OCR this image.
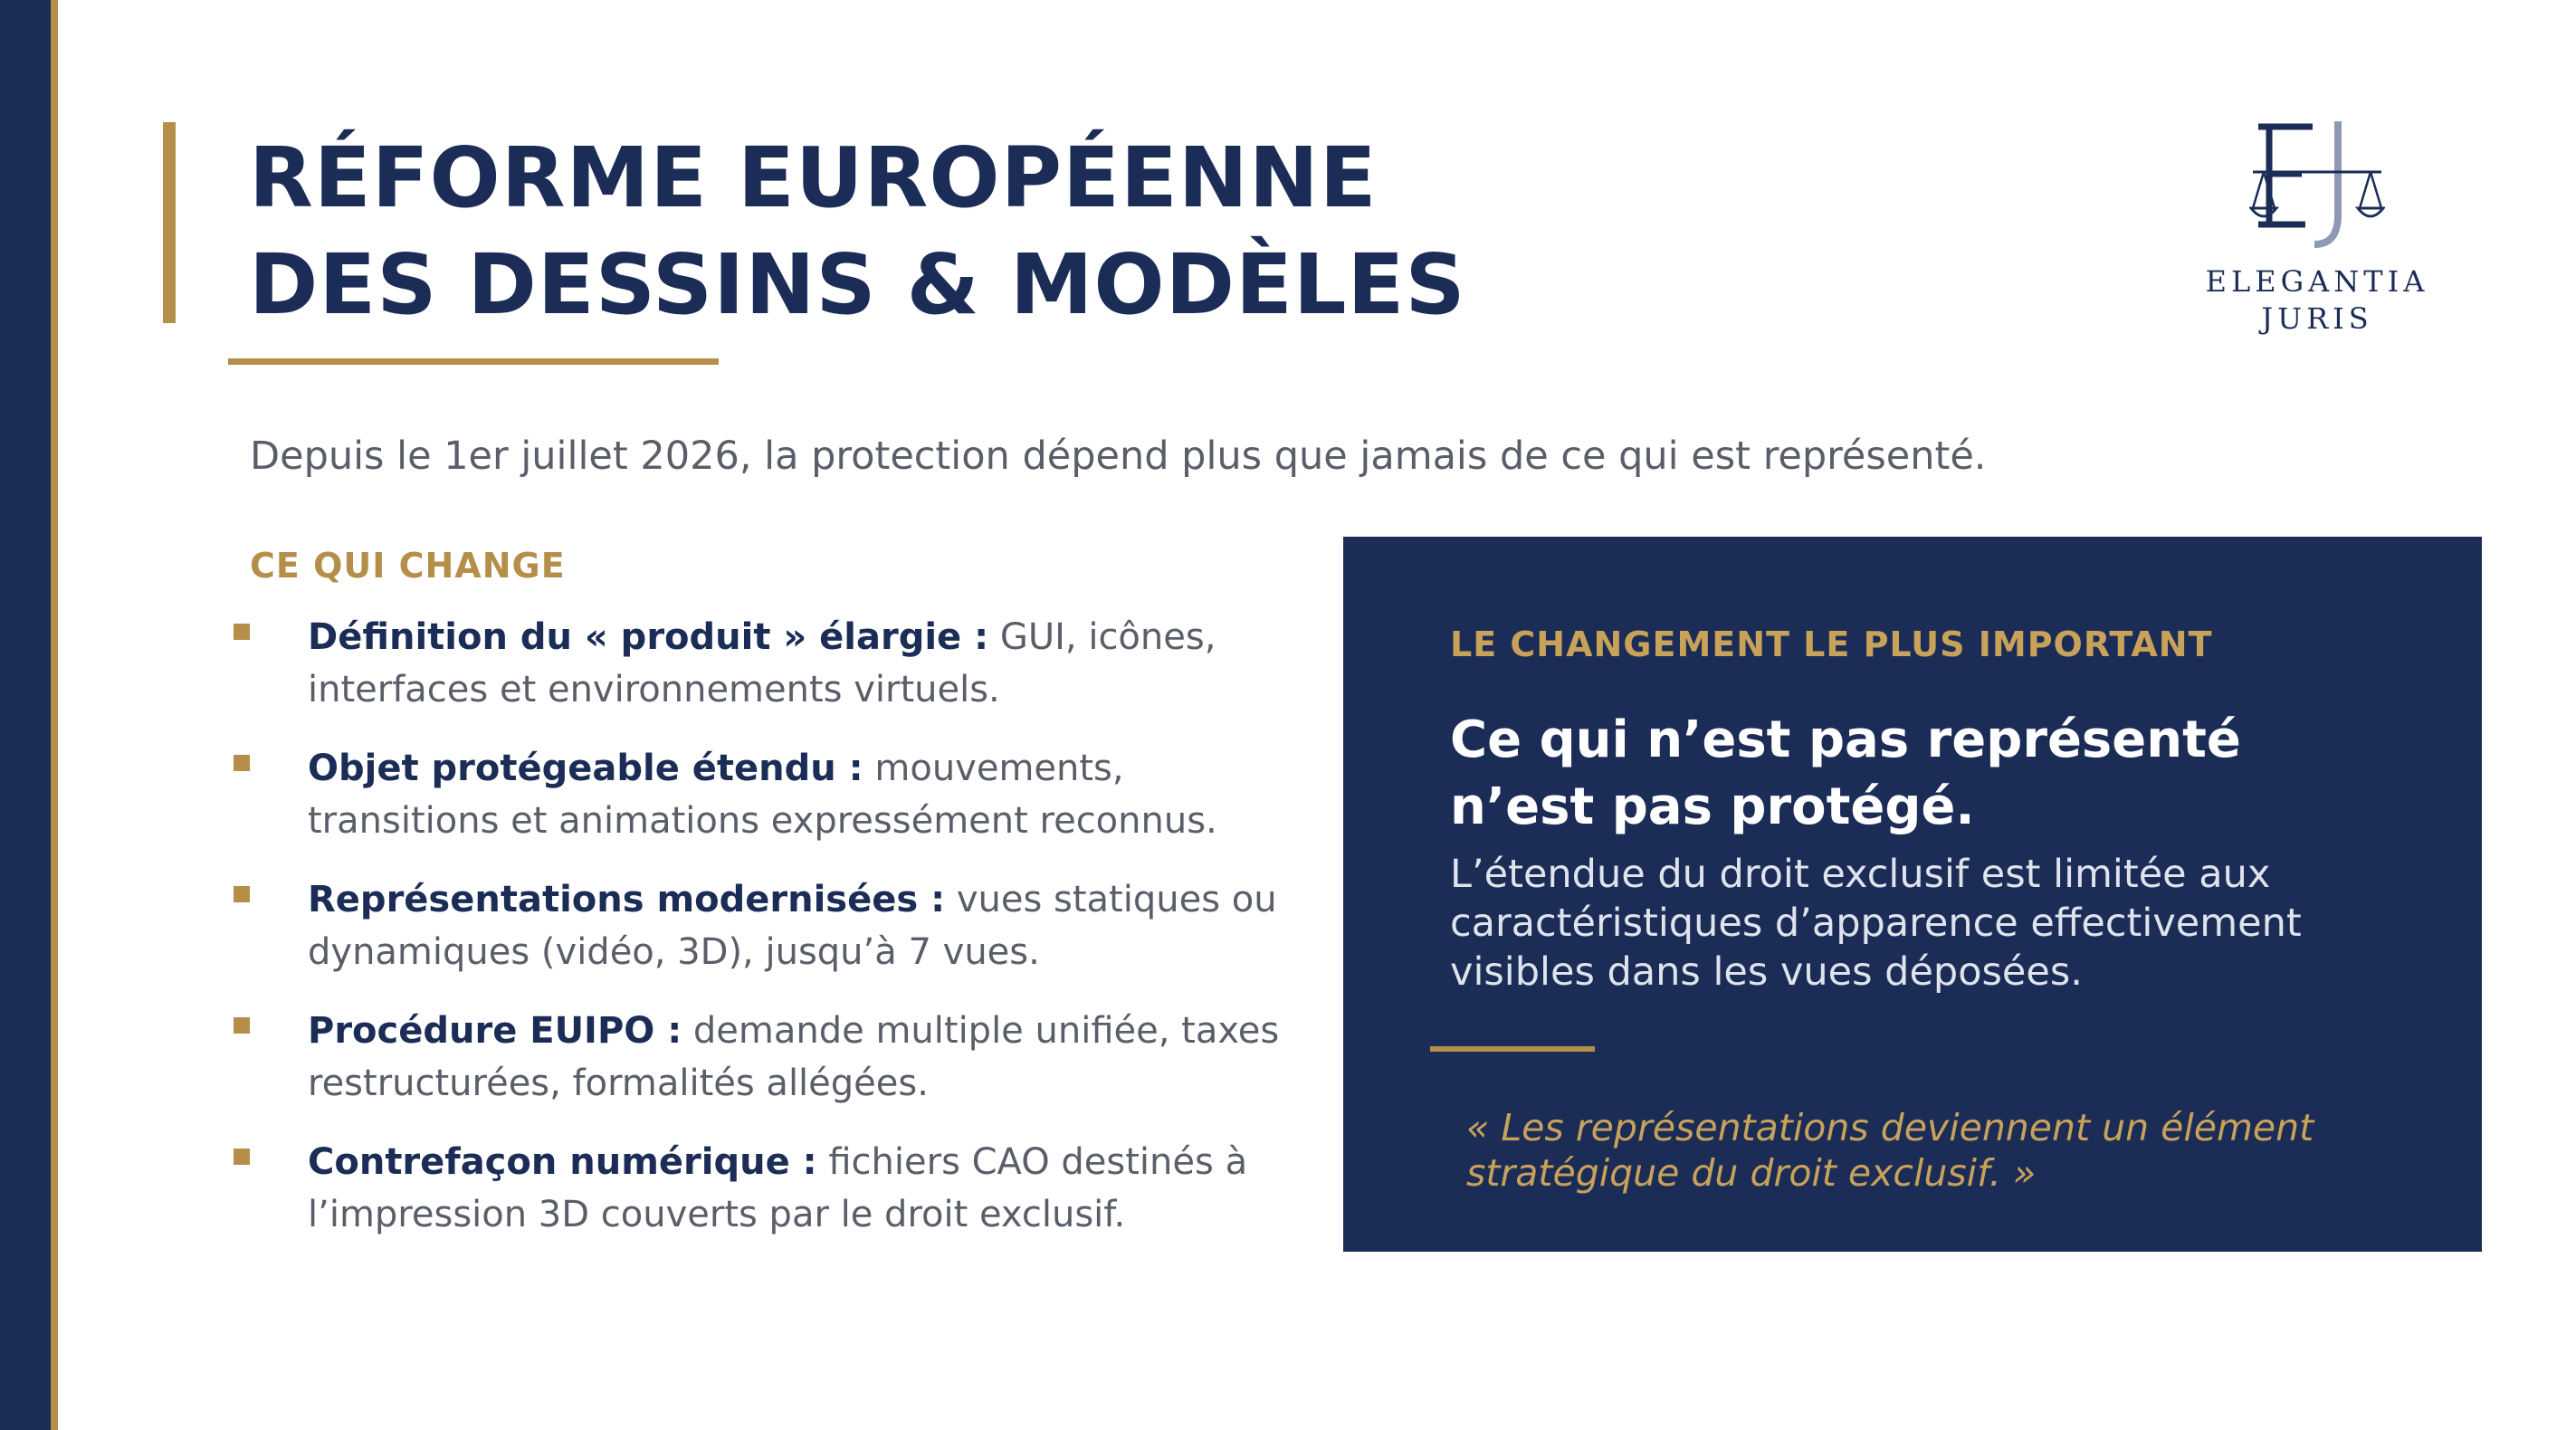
RÉFORME EUROPÉENNE
DES DESSINS & MODÈLES	ELEGANTIA
JURIS
Depuis le 1er juillet 2026, la protection dépend plus que jamais de ce qui est représenté.
CE QUI CHANGE
Définition du « produit » élargie : GUI, icônes, interfaces et environnements virtuels.
Objet protégeable étendu : mouvements, transitions et animations expressément reconnus.
Représentations modernisées : vues statiques ou dynamiques (vidéo, 3D), jusqu’à 7 vues.
Procédure EUIPO : demande multiple unifiée, taxes restructurées, formalités allégées.
Contrefaçon numérique : fichiers CAO destinés à l’impression 3D couverts par le droit exclusif.
LE CHANGEMENT LE PLUS IMPORTANT
Ce qui n’est pas représenté
n’est pas protégé.
L’étendue du droit exclusif est limitée aux caractéristiques d’apparence effectivement visibles dans les vues déposées.
« Les représentations deviennent un élément stratégique du droit exclusif. »
